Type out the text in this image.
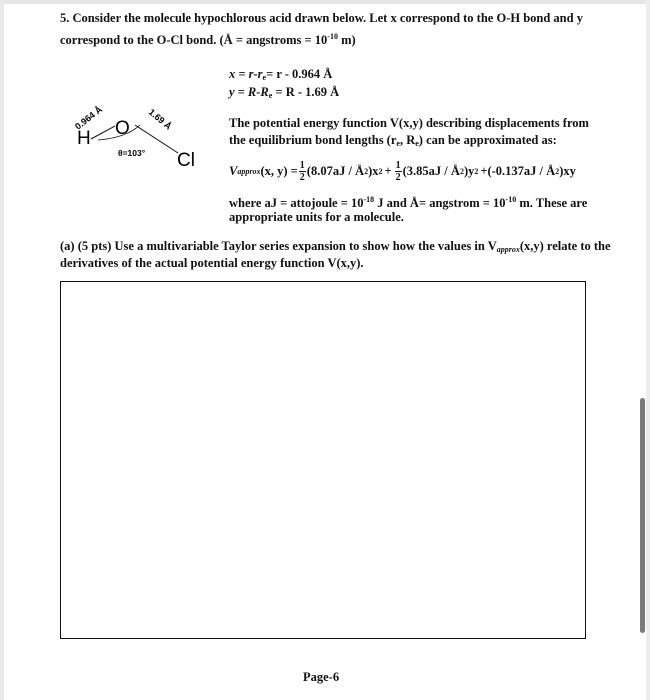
5. Consider the molecule hypochlorous acid drawn below. Let x correspond to the O-H bond and y
correspond to the O-Cl bond. (Å = angstroms = $10^{-10}$ m)
H O
Cl
0.964 Å	1.69 Å
θ=103°
$x = r-r_e= r - 0.964$ Å
$y = R-R_e = R - 1.69$ Å
The potential energy function V(x,y) describing displacements from
the equilibrium bond lengths ($r_e$, $R_e$) can be approximated as:
V approx (x, $y) = \frac{1}{2} (8.07aJ$ / Å 2 )x $2 + \frac{1}{2} (3.85aJ$ / Å 2 )y 2 +(-0.137aJ / Å 2 )xy
where aJ = attojoule = $10^{-18}$ J and Å= angstrom = $10^{-10}$ m. These are
appropriate units for a molecule.
(a) (5 pts) Use a multivariable Taylor series expansion to show how the values in $V_{approx}(x,y)$ relate to the
derivatives of the actual potential energy function V(x,y).
Page-6
